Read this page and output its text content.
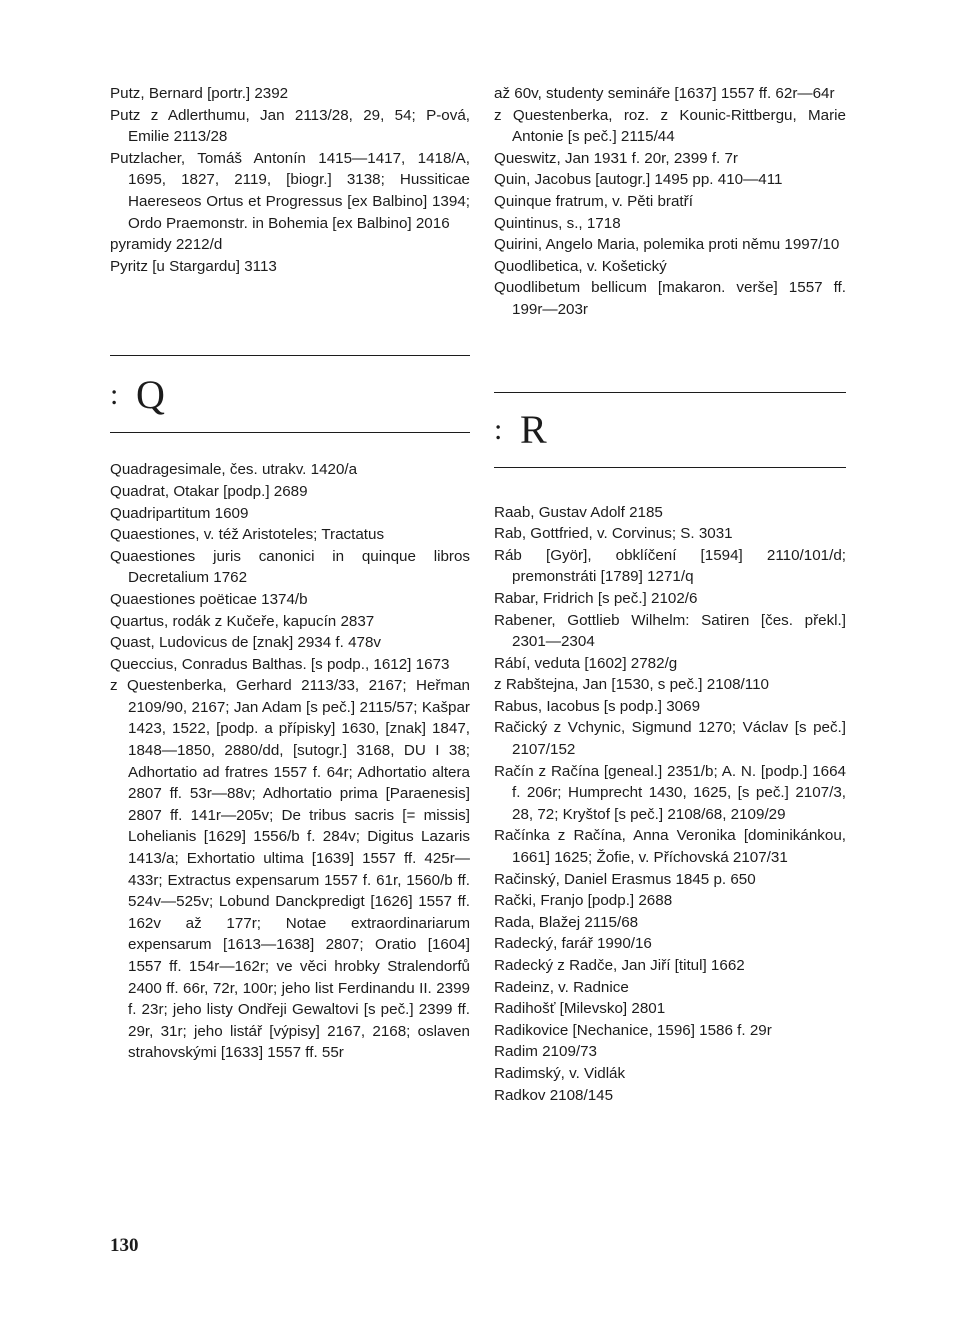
Putz, Bernard [portr.] 2392

Putz z Adlerthumu, Jan 2113/28, 29, 54; P-ová, Emilie 2113/28

Putzlacher, Tomáš Antonín 1415—1417, 1418/A, 1695, 1827, 2119, [biogr.] 3138; Hussiticae Haereseos Ortus et Progressus [ex Balbino] 1394; Ordo Praemonstr. in Bohemia [ex Balbino] 2016

pyramidy 2212/d

Pyritz [u Stargardu] 3113

: Q

Quadragesimale, čes. utrakv. 1420/a

Quadrat, Otakar [podp.] 2689

Quadripartitum 1609

Quaestiones, v. též Aristoteles; Tractatus

Quaestiones juris canonici in quinque libros Decretalium 1762

Quaestiones poëticae 1374/b

Quartus, rodák z Kučeře, kapucín 2837

Quast, Ludovicus de [znak] 2934 f. 478v

Queccius, Conradus Balthas. [s podp., 1612] 1673

z Questenberka, Gerhard 2113/33, 2167; Heřman 2109/90, 2167; Jan Adam [s peč.] 2115/57; Kašpar 1423, 1522, [podp. a přípisky] 1630, [znak] 1847, 1848—1850, 2880/dd, [sutogr.] 3168, DU I 38; Adhortatio ad fratres 1557 f. 64r; Adhortatio altera 2807 ff. 53r—88v; Adhortatio prima [Paraenesis] 2807 ff. 141r—205v; De tribus sacris [= missis] Lohelianis [1629] 1556/b f. 284v; Digitus Lazaris 1413/a; Exhortatio ultima [1639] 1557 ff. 425r—433r; Extractus expensarum 1557 f. 61r, 1560/b ff. 524v—525v; Lobund Danckpredigt [1626] 1557 ff. 162v až 177r; Notae extraordinariarum expensarum [1613—1638] 2807; Oratio [1604] 1557 ff. 154r—162r; ve věci hrobky Stralendorfů 2400 ff. 66r, 72r, 100r; jeho list Ferdinandu II. 2399 f. 23r; jeho listy Ondřeji Gewaltovi [s peč.] 2399 ff. 29r, 31r; jeho listář [výpisy] 2167, 2168; oslaven strahovskými [1633] 1557 ff. 55r

až 60v, studenty semináře [1637] 1557 ff. 62r—64r

z Questenberka, roz. z Kounic-Rittbergu, Marie Antonie [s peč.] 2115/44

Queswitz, Jan 1931 f. 20r, 2399 f. 7r

Quin, Jacobus [autogr.] 1495 pp. 410—411

Quinque fratrum, v. Pěti bratří

Quintinus, s., 1718

Quirini, Angelo Maria, polemika proti němu 1997/10

Quodlibetica, v. Košetický

Quodlibetum bellicum [makaron. verše] 1557 ff. 199r—203r

: R

Raab, Gustav Adolf 2185

Rab, Gottfried, v. Corvinus; S. 3031

Ráb [Györ], obklíčení [1594] 2110/101/d; premonstráti [1789] 1271/q

Rabar, Fridrich [s peč.] 2102/6

Rabener, Gottlieb Wilhelm: Satiren [čes. překl.] 2301—2304

Rábí, veduta [1602] 2782/g

z Rabštejna, Jan [1530, s peč.] 2108/110

Rabus, Iacobus [s podp.] 3069

Račický z Vchynic, Sigmund 1270; Václav [s peč.] 2107/152

Račín z Račína [geneal.] 2351/b; A. N. [podp.] 1664 f. 206r; Humprecht 1430, 1625, [s peč.] 2107/3, 28, 72; Kryštof [s peč.] 2108/68, 2109/29

Račínka z Račína, Anna Veronika [dominikánkou, 1661] 1625; Žofie, v. Příchovská 2107/31

Račinský, Daniel Erasmus 1845 p. 650

Rački, Franjo [podp.] 2688

Rada, Blažej 2115/68

Radecký, farář 1990/16

Radecký z Radče, Jan Jiří [titul] 1662

Radeinz, v. Radnice

Radihošť [Milevsko] 2801

Radikovice [Nechanice, 1596] 1586 f. 29r

Radim 2109/73

Radimský, v. Vidlák

Radkov 2108/145

130
